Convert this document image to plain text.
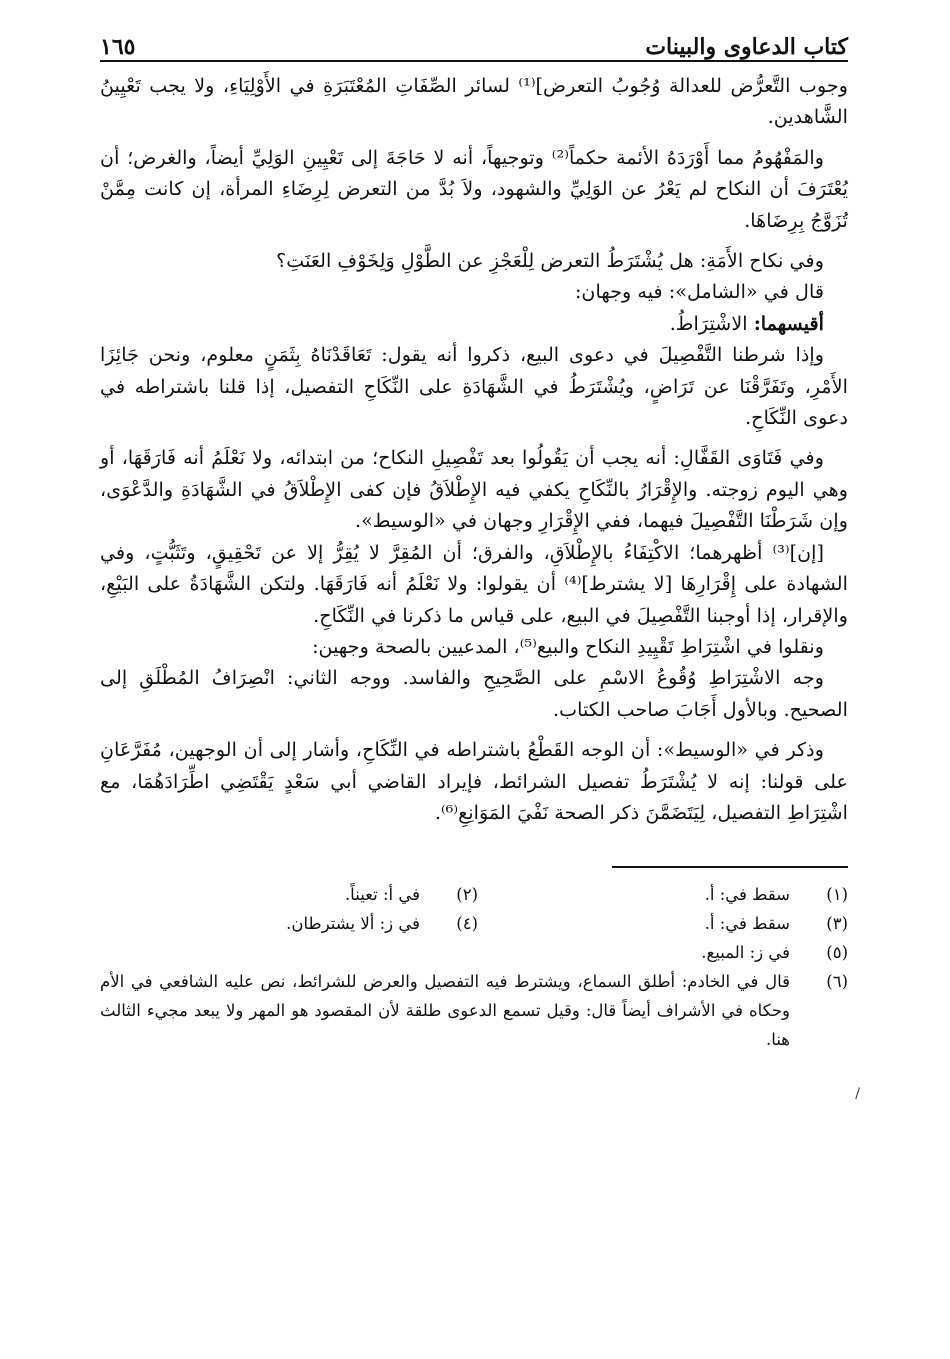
كتاب الدعاوى والبينات
١٦٥

وجوب التَّعرُّض للعدالة وُجُوبُ التعرض]⁽¹⁾ لسائر الصِّفَاتِ المُعْتَبَرَةِ في الأَوْلِيَاءِ، ولا يجب تَعْيِينُ الشَّاهدين.

والمَفْهُومُ مما أَوْرَدَهُ الأئمة حكماً⁽²⁾ وتوجيهاً، أنه لا حَاجَةَ إلى تَعْيِينِ الوَلِيِّ أيضاً، والغرض؛ أن يُعْتَرَفَ أن النكاح لم يَعْرُ عن الوَلِيِّ والشهود، ولاَ بُدَّ من التعرض لِرِضَاءِ المرأة، إن كانت مِمَّنْ تُزَوَّجُ بِرِضَاهَا.

وفي نكاح الأَمَةِ: هل يُشْتَرَطُ التعرض لِلْعَجْزِ عن الطَّوْلِ وَلِخَوْفِ العَنَتِ؟

قال في «الشامل»: فيه وجهان:

أقيسهما: الاشْتِرَاطُ.

وإذا شرطنا التَّفْصِيلَ في دعوى البيع، ذكروا أنه يقول: تَعَاقَدْنَاهُ بِثَمَنٍ معلوم، ونحن جَائِزَا الأَمْرِ، وتَفَرَّقْنَا عن تَرَاضٍ، ويُشْتَرَطُ في الشَّهَادَةِ على النِّكَاحِ التفصيل، إذا قلنا باشتراطه في دعوى النِّكَاحِ.

وفي فَتَاوَى القَفَّالِ: أنه يجب أن يَقُولُوا بعد تَفْصِيلِ النكاح؛ من ابتدائه، ولا نَعْلَمُ أنه فَارَقَهَا، أو وهي اليوم زوجته. والإِقْرَارُ بالنِّكَاحِ يكفي فيه الإِطْلاَقُ فإن كفى الإِطْلاَقُ في الشَّهَادَةِ والدَّعْوَى، وإن شَرَطْنَا التَّفْصِيلَ فيهما، ففي الإِقْرَارِ وجهان في «الوسيط».

[إن]⁽³⁾ أظهرهما؛ الاكْتِفَاءُ بالإِطْلاَقِ، والفرق؛ أن المُقِرَّ لا يُقِرُّ إلا عن تَحْقِيقٍ، وتَثَبُّتٍ، وفي الشهادة على إِقْرَارِهَا [لا يشترط]⁽⁴⁾ أن يقولوا: ولا نَعْلَمُ أنه فَارَقَهَا. ولتكن الشَّهَادَةُ على البَيْعِ، والإقرار، إذا أوجبنا التَّفْصِيلَ في البيع، على قياس ما ذكرنا في النِّكَاحِ.

ونقلوا في اشْتِرَاطِ تَقْيِيدِ النكاح والبيع⁽⁵⁾، المدعيين بالصحة وجهين:

وجه الاشْتِرَاطِ وُقُوعُ الاسْمِ على الصَّحِيحِ والفاسد. ووجه الثاني: انْصِرَافُ المُطْلَقِ إلى الصحيح. وبالأول أَجَابَ صاحب الكتاب.

وذكر في «الوسيط»: أن الوجه القَطْعُ باشتراطه في النِّكَاحِ، وأشار إلى أن الوجهين، مُفَرَّعَانِ على قولنا: إنه لا يُشْتَرَطُ تفصيل الشرائط، فإيراد القاضي أبي سَعْدٍ يَقْتَضِي اطِّرَادَهُمَا، مع اشْتِرَاطِ التفصيل، لِيَتَضَمَّنَ ذكر الصحة نَفْيَ المَوَانِعِ⁽⁶⁾.

(١)
سقط في: أ.
(٢)
في أ: تعيناً.
(٣)
سقط في: أ.
(٤)
في ز: ألا يشترطان.
(٥)
في ز: المبيع.
(٦)
قال في الخادم: أطلق السماع، ويشترط فيه التفصيل والعرض للشرائط، نص عليه الشافعي في الأم وحكاه في الأشراف أيضاً قال: وقيل تسمع الدعوى طلقة لأن المقصود هو المهر ولا يبعد مجيء الثالث هنا.
/
